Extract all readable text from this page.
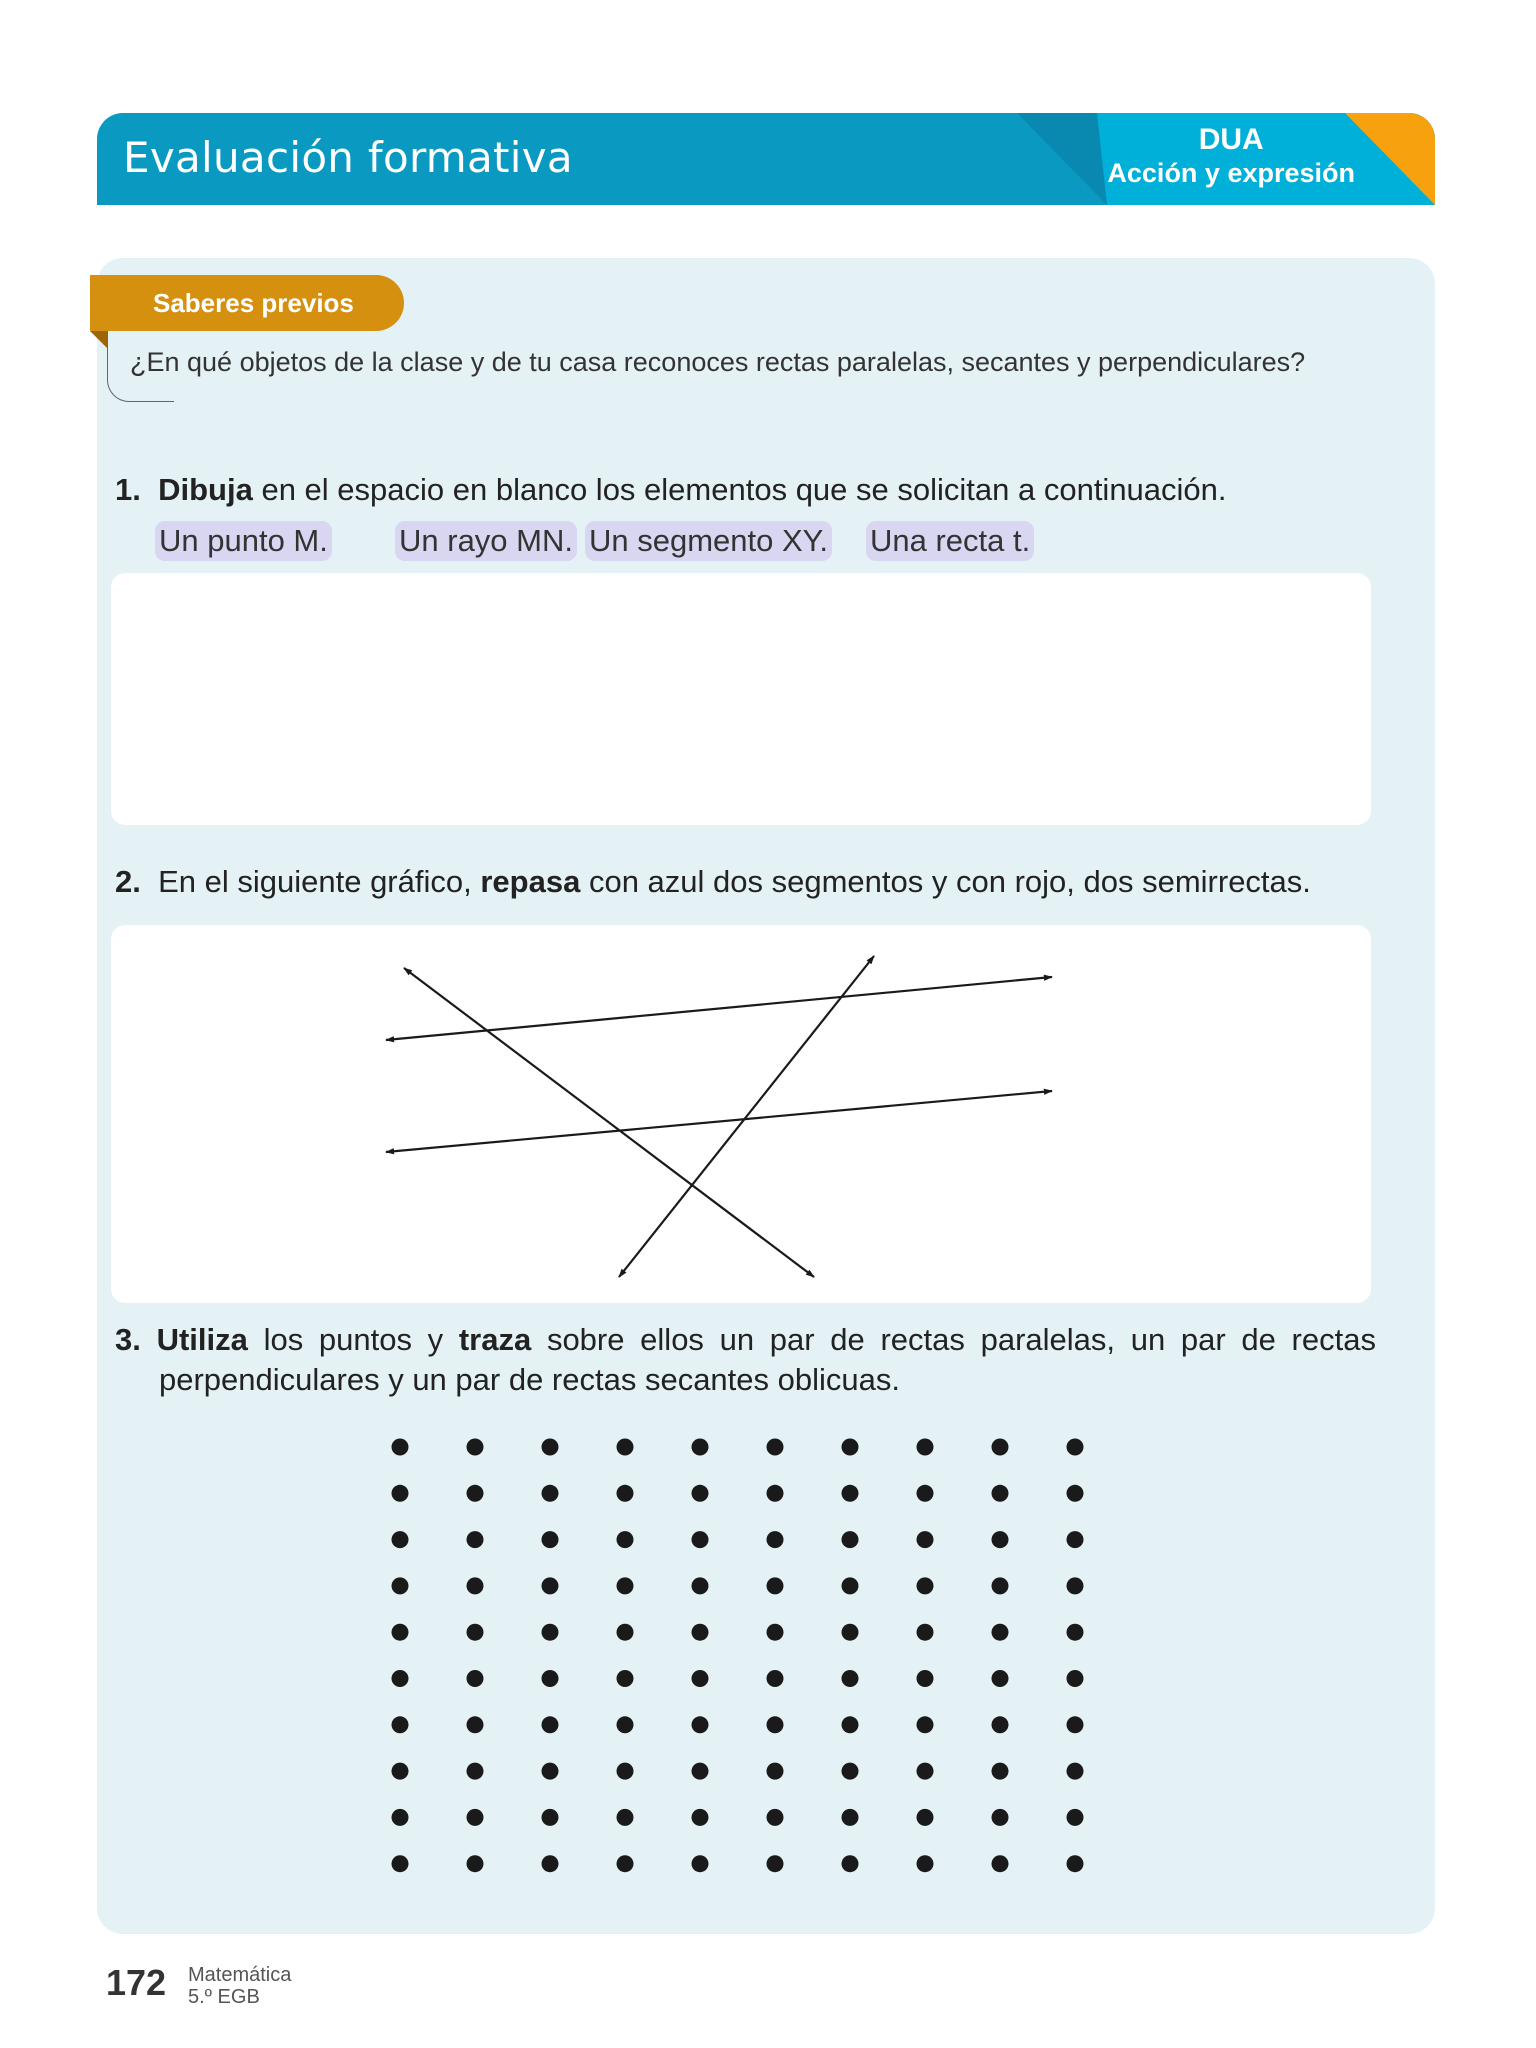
Evaluación formativa	DUA
Acción y expresión
Saberes previos
¿En qué objetos de la clase y de tu casa reconoces rectas paralelas, secantes y perpendiculares?
1. Dibuja en el espacio en blanco los elementos que se solicitan a continuación.
Un punto M. Un rayo MN. Un segmento XY. Una recta t.
2. En el siguiente gráfico, repasa con azul dos segmentos y con rojo, dos semirrectas.
3. Utiliza los puntos y traza sobre ellos un par de rectas paralelas, un par de rectas
perpendiculares y un par de rectas secantes oblicuas.
172 Matemática
5.º EGB
